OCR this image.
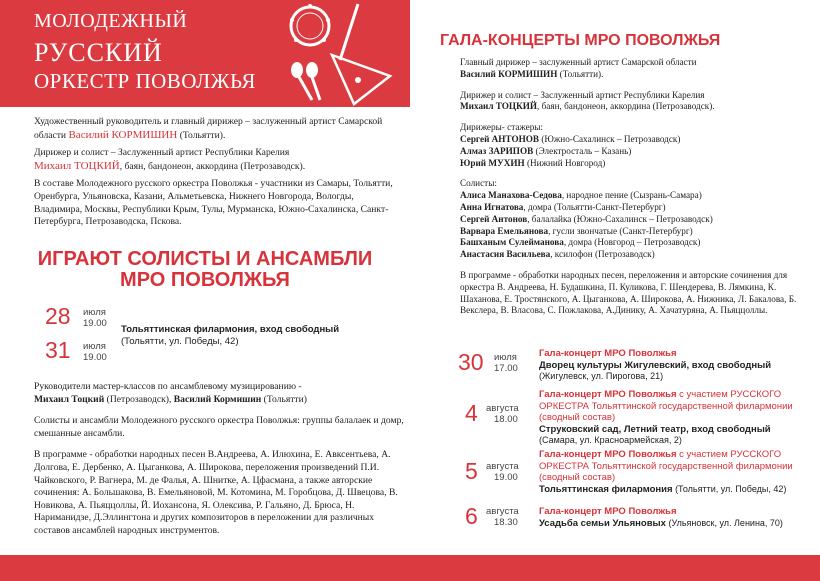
МОЛОДЕЖНЫЙ
РУССКИЙ
ОРКЕСТР ПОВОЛЖЬЯ

Художественный руководитель и главный дирижер – заслуженный артист Самарской области Василий КОРМИШИН (Тольятти).

Дирижер и солист – Заслуженный артист Республики Карелия
Михаил ТОЦКИЙ, баян, бандонеон, аккордина (Петрозаводск).

В составе Молодежного русского оркестра Поволжья - участники из Самары, Тольятти, Оренбурга, Ульяновска, Казани, Альметьевска, Нижнего Новгорода, Вологды, Владимира, Москвы, Республики Крым, Тулы, Мурманска, Южно-Сахалинска, Санкт-Петербурга, Петрозаводска, Пскова.

ИГРАЮТ СОЛИСТЫ И АНСАМБЛИ
МРО ПОВОЛЖЬЯ
28 июля
19.00
31 июля
19.00
Тольяттинская филармония, вход свободный
(Тольятти, ул. Победы, 42)

Руководители мастер-классов по ансамблевому музицированию -
Михаил Тоцкий (Петрозаводск), Василий Кормишин (Тольятти)

Солисты и ансамбли Молодежного русского оркестра Поволжья: группы балалаек и домр, смешанные ансамбли.

В программе - обработки народных песен В.Андреева, А. Илюхина, Е. Авксентьева, А. Долгова, Е. Дербенко, А. Цыганкова, А. Широкова, переложения произведений П.И. Чайковского, Р. Вагнера, М. де Фалья, А. Шнитке, А. Цфасмана, а также авторские сочинения: А. Большакова, В. Емельяновой, М. Котомина, М. Горобцова, Д. Швецова, В. Новикова, А. Пьяццоллы, Й. Иохансона, Я. Олексива, Р. Гальяно, Д. Брюса, Н. Нариманидзе, Д.Эллингтона и других композиторов в переложении для различных составов ансамблей народных инструментов.

ГАЛА-КОНЦЕРТЫ МРО ПОВОЛЖЬЯ

Главный дирижер – заслуженный артист Самарской области
Василий КОРМИШИН (Тольятти).

Дирижер и солист – Заслуженный артист Республики Карелия
Михаил ТОЦКИЙ, баян, бандонеон, аккордина (Петрозаводск).

Дирижеры- стажеры:
Сергей АНТОНОВ (Южно-Сахалинск – Петрозаводск)
Алмаз ЗАРИПОВ (Электросталь – Казань)
Юрий МУХИН (Нижний Новгород)

Солисты:
Алиса Манахова-Седова, народное пение (Сызрань-Самара)
Анна Игнатова, домра (Тольятти-Санкт-Петербург)
Сергей Антонов, балалайка (Южно-Сахалинск – Петрозаводск)
Варвара Емельянова, гусли звончатые (Санкт-Петербург)
Башханым Сулейманова, домра (Новгород – Петрозаводск)
Анастасия Васильева, ксилофон (Петрозаводск)

В программе - обработки народных песен, переложения и авторские сочинения для оркестра В. Андреева, Н. Будашкина, П. Куликова, Г. Шендерева, В. Лямкина, К. Шаханова, Е. Тростянского, А. Цыганкова, А. Широкова, А. Нижника, Л. Бакалова, Б. Векслера, В. Власова, С. Пожлакова, А.Динику, А. Хачатуряна, А. Пьяццоллы.

30 июля
17.00
Гала-концерт МРО Поволжья
Дворец культуры Жигулевский, вход свободный
(Жигулевск, ул. Пирогова, 21)
4 августа
18.00
Гала-концерт МРО Поволжья с участием РУССКОГО ОРКЕСТРА Тольяттинской государственной филармонии (сводный состав)
Струковский сад, Летний театр, вход свободный
(Самара, ул. Красноармейская, 2)
5 августа
19.00
Гала-концерт МРО Поволжья с участием РУССКОГО ОРКЕСТРА Тольяттинской государственной филармонии (сводный состав)
Тольяттинская филармония (Тольятти, ул. Победы, 42)
6 августа
18.30
Гала-концерт МРО Поволжья
Усадьба семьи Ульяновых (Ульяновск, ул. Ленина, 70)
